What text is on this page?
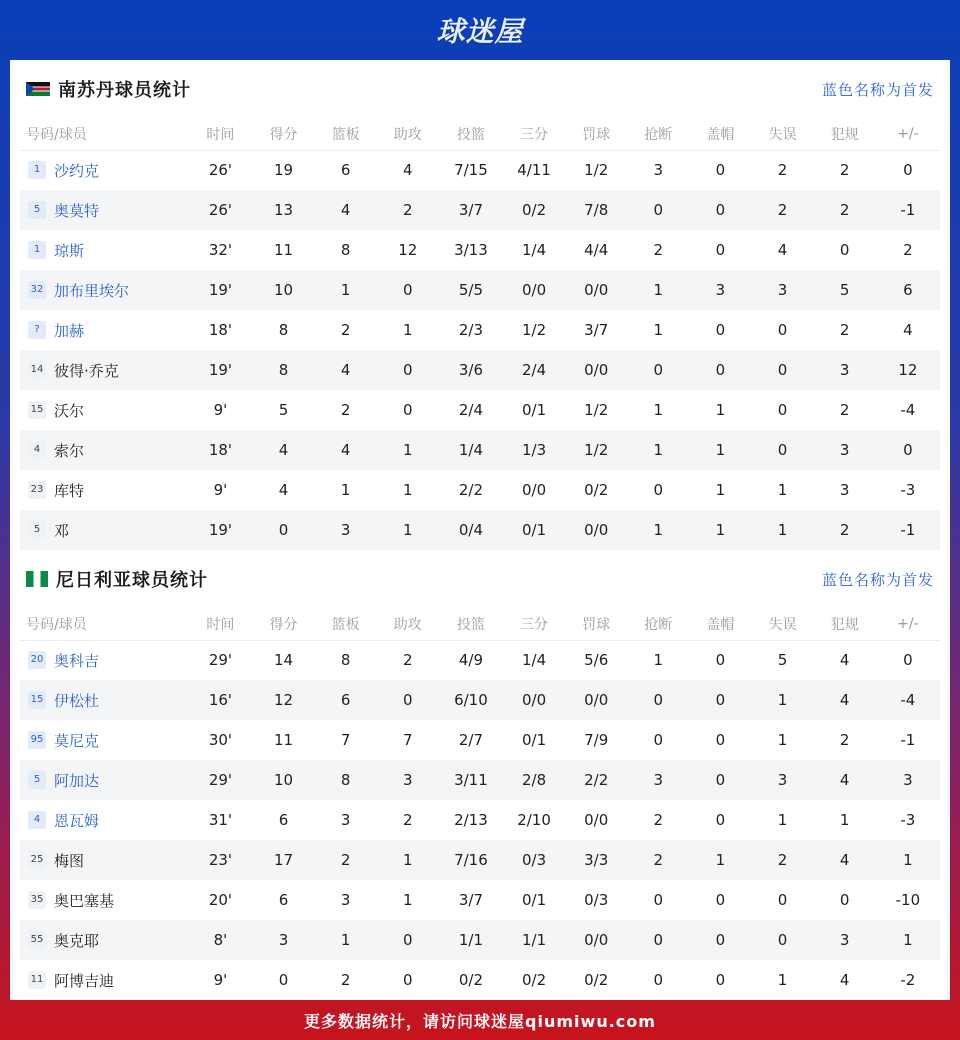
球迷屋
南苏丹球员统计	蓝色名称为首发
号码/球员	时间	得分	篮板	助攻	投篮	三分	罚球	抢断	盖帽	失误	犯规	+/-
1 沙约克	26'	19	6	4	7/15	4/11	1/2	3	0	2	2	0
5 奥莫特	26'	13	4	2	3/7	0/2	7/8	0	0	2	2	-1
1 琼斯	32'	11	8	12	3/13	1/4	4/4	2	0	4	0	2
32 加布里埃尔	19'	10	1	0	5/5	0/0	0/0	1	3	3	5	6
? 加赫	18'	8	2	1	2/3	1/2	3/7	1	0	0	2	4
14 彼得·乔克	19'	8	4	0	3/6	2/4	0/0	0	0	0	3	12
15 沃尔	9'	5	2	0	2/4	0/1	1/2	1	1	0	2	-4
4 索尔	18'	4	4	1	1/4	1/3	1/2	1	1	0	3	0
23 库特	9'	4	1	1	2/2	0/0	0/2	0	1	1	3	-3
5 邓	19'	0	3	1	0/4	0/1	0/0	1	1	1	2	-1
尼日利亚球员统计	蓝色名称为首发
号码/球员	时间	得分	篮板	助攻	投篮	三分	罚球	抢断	盖帽	失误	犯规	+/-
20 奥科吉	29'	14	8	2	4/9	1/4	5/6	1	0	5	4	0
15 伊松杜	16'	12	6	0	6/10	0/0	0/0	0	0	1	4	-4
95 莫尼克	30'	11	7	7	2/7	0/1	7/9	0	0	1	2	-1
5 阿加达	29'	10	8	3	3/11	2/8	2/2	3	0	3	4	3
4 恩瓦姆	31'	6	3	2	2/13	2/10	0/0	2	0	1	1	-3
25 梅图	23'	17	2	1	7/16	0/3	3/3	2	1	2	4	1
35 奥巴塞基	20'	6	3	1	3/7	0/1	0/3	0	0	0	0	-10
55 奥克耶	8'	3	1	0	1/1	1/1	0/0	0	0	0	3	1
11 阿博吉迪	9'	0	2	0	0/2	0/2	0/2	0	0	1	4	-2
更多数据统计，请访问球迷屋qiumiwu.com
